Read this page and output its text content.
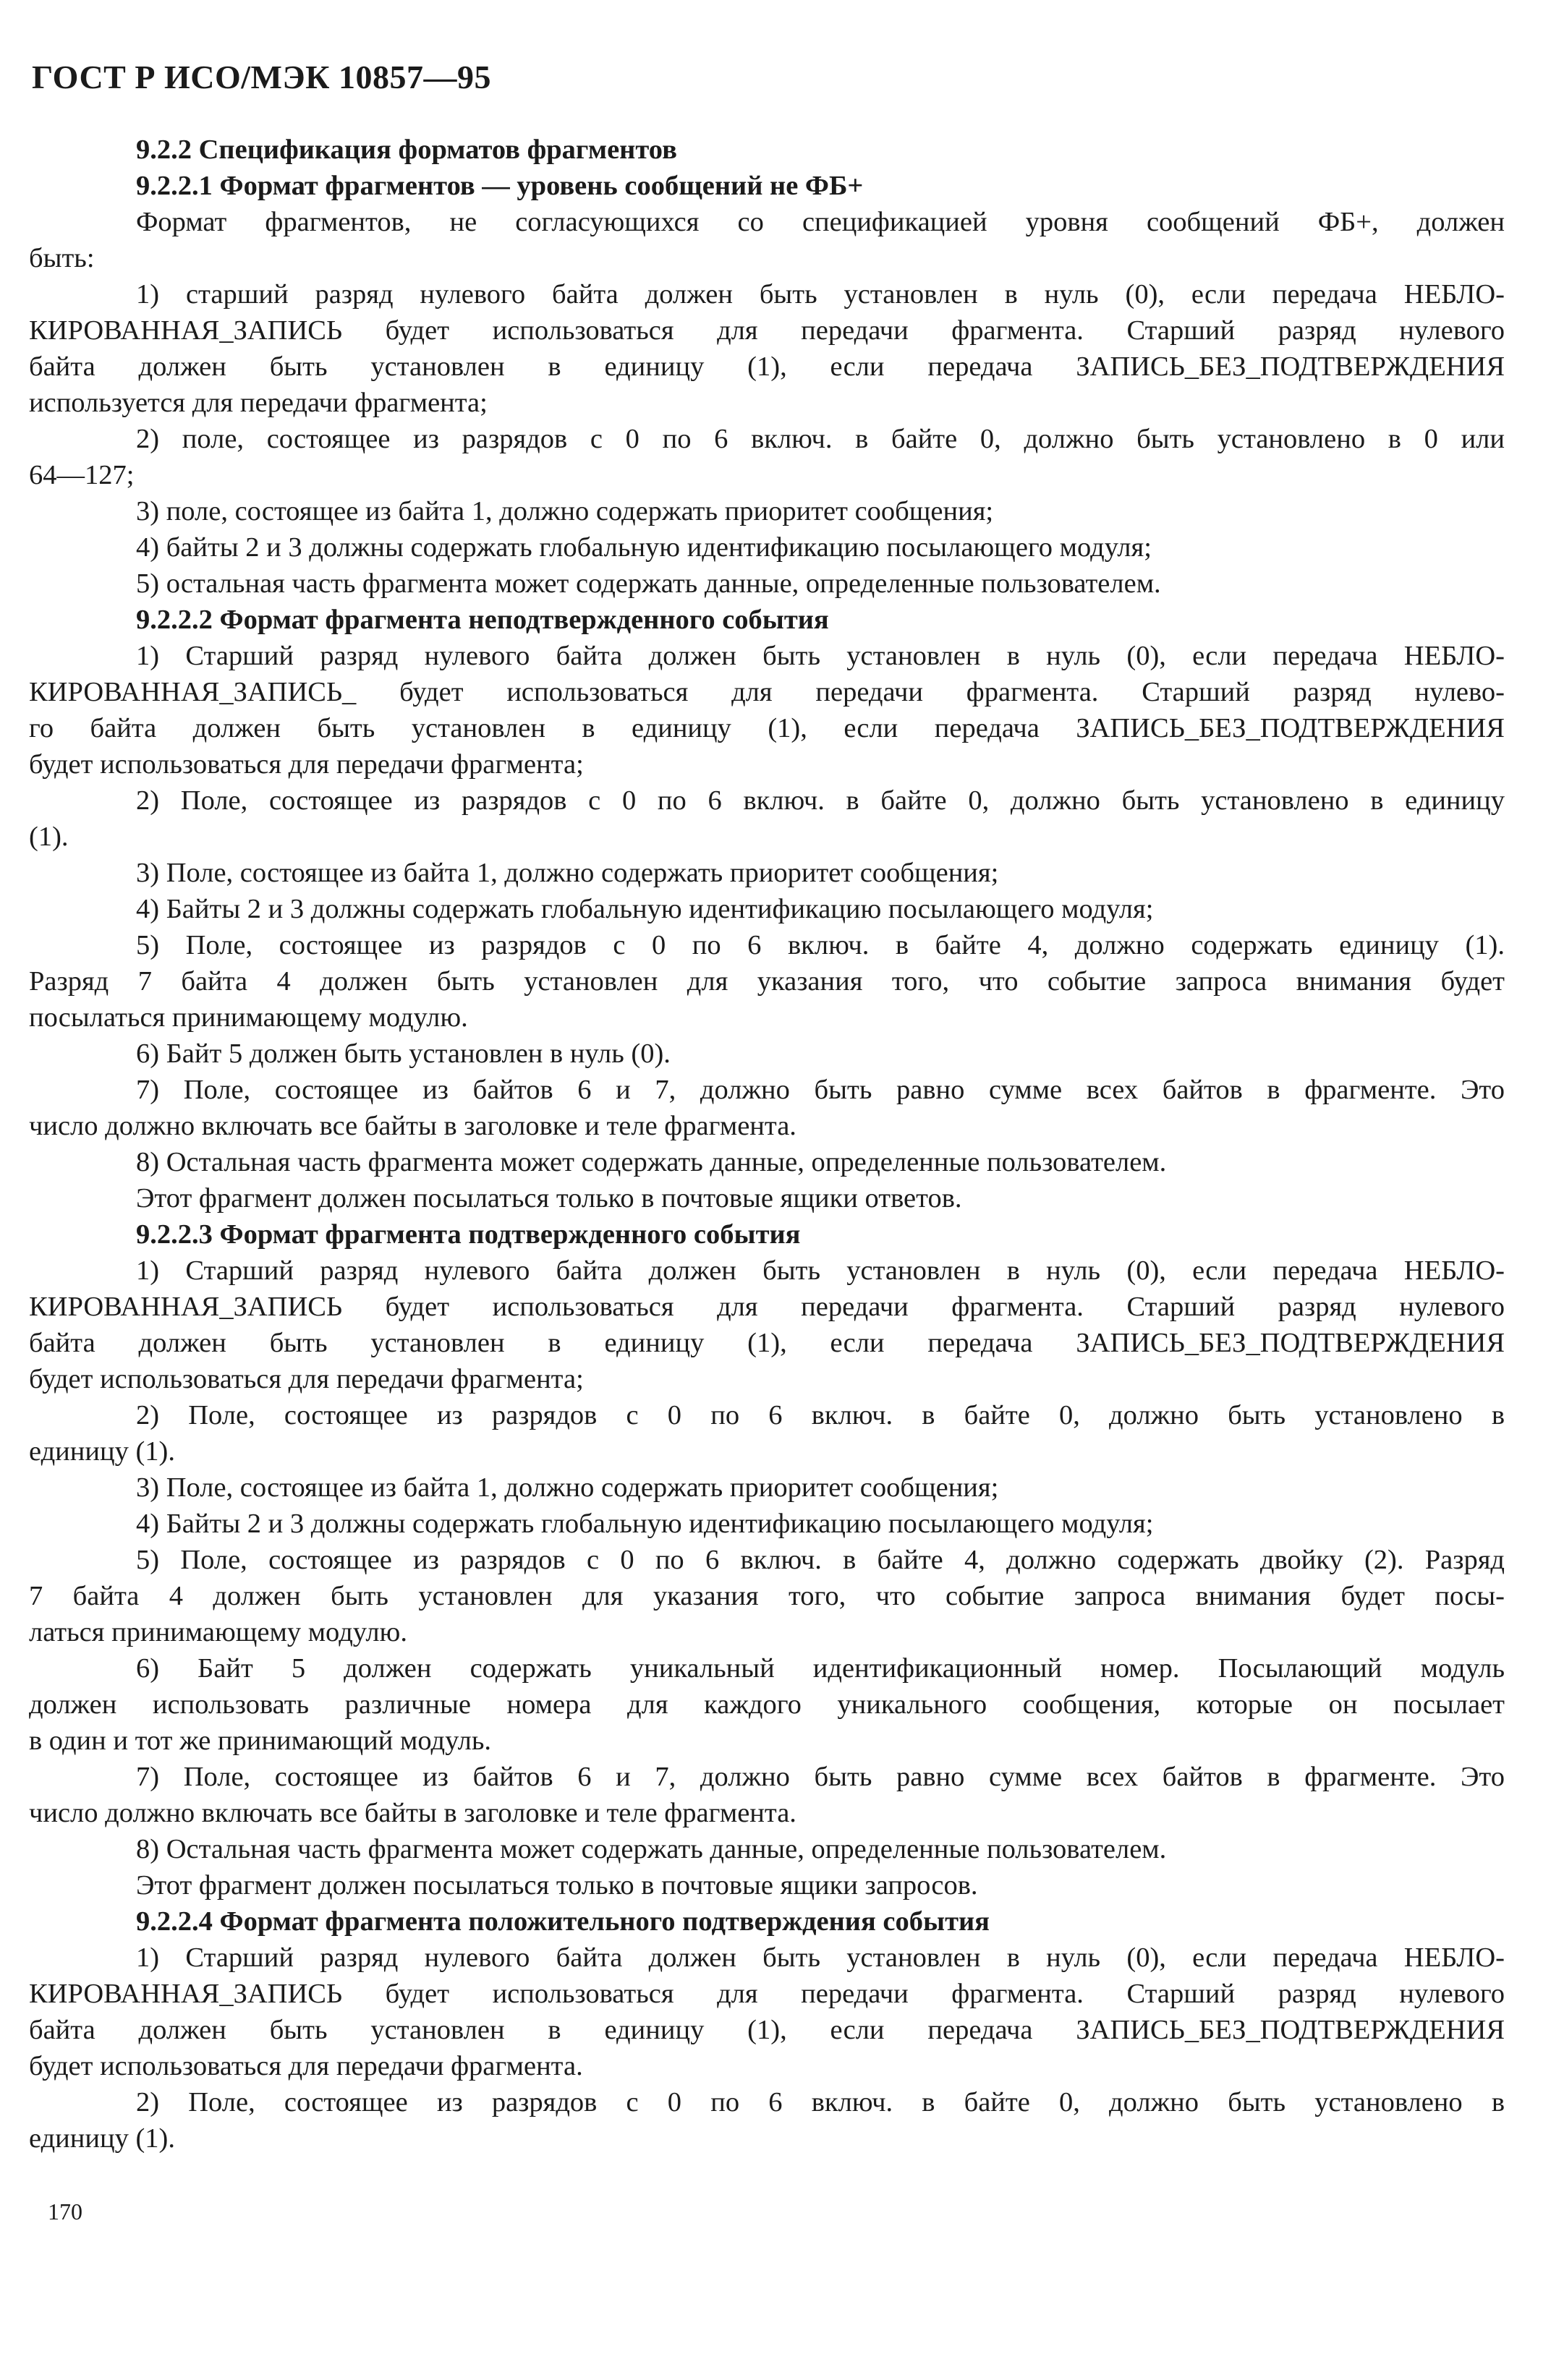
ГОСТ Р ИСО/МЭК 10857—95
9.2.2 Спецификация форматов фрагментов
9.2.2.1 Формат фрагментов — уровень сообщений не ФБ+
Формат фрагментов, не согласующихся со спецификацией уровня сообщений ФБ+, должен
быть:
1) старший разряд нулевого байта должен быть установлен в нуль (0), если передача НЕБЛО-
КИРОВАННАЯ_ЗАПИСЬ будет использоваться для передачи фрагмента. Старший разряд нулевого
байта должен быть установлен в единицу (1), если передача ЗАПИСЬ_БЕЗ_ПОДТВЕРЖДЕНИЯ
используется для передачи фрагмента;
2) поле, состоящее из разрядов с 0 по 6 включ. в байте 0, должно быть установлено в 0 или
64—127;
3) поле, состоящее из байта 1, должно содержать приоритет сообщения;
4) байты 2 и 3 должны содержать глобальную идентификацию посылающего модуля;
5) остальная часть фрагмента может содержать данные, определенные пользователем.
9.2.2.2 Формат фрагмента неподтвержденного события
1) Старший разряд нулевого байта должен быть установлен в нуль (0), если передача НЕБЛО-
КИРОВАННАЯ_ЗАПИСЬ_ будет использоваться для передачи фрагмента. Старший разряд нулево-
го байта должен быть установлен в единицу (1), если передача ЗАПИСЬ_БЕЗ_ПОДТВЕРЖДЕНИЯ
будет использоваться для передачи фрагмента;
2) Поле, состоящее из разрядов с 0 по 6 включ. в байте 0, должно быть установлено в единицу
(1).
3) Поле, состоящее из байта 1, должно содержать приоритет сообщения;
4) Байты 2 и 3 должны содержать глобальную идентификацию посылающего модуля;
5) Поле, состоящее из разрядов с 0 по 6 включ. в байте 4, должно содержать единицу (1).
Разряд 7 байта 4 должен быть установлен для указания того, что событие запроса внимания будет
посылаться принимающему модулю.
6) Байт 5 должен быть установлен в нуль (0).
7) Поле, состоящее из байтов 6 и 7, должно быть равно сумме всех байтов в фрагменте. Это
число должно включать все байты в заголовке и теле фрагмента.
8) Остальная часть фрагмента может содержать данные, определенные пользователем.
Этот фрагмент должен посылаться только в почтовые ящики ответов.
9.2.2.3 Формат фрагмента подтвержденного события
1) Старший разряд нулевого байта должен быть установлен в нуль (0), если передача НЕБЛО-
КИРОВАННАЯ_ЗАПИСЬ будет использоваться для передачи фрагмента. Старший разряд нулевого
байта должен быть установлен в единицу (1), если передача ЗАПИСЬ_БЕЗ_ПОДТВЕРЖДЕНИЯ
будет использоваться для передачи фрагмента;
2) Поле, состоящее из разрядов с 0 по 6 включ. в байте 0, должно быть установлено в
единицу (1).
3) Поле, состоящее из байта 1, должно содержать приоритет сообщения;
4) Байты 2 и 3 должны содержать глобальную идентификацию посылающего модуля;
5) Поле, состоящее из разрядов с 0 по 6 включ. в байте 4, должно содержать двойку (2). Разряд
7 байта 4 должен быть установлен для указания того, что событие запроса внимания будет посы-
латься принимающему модулю.
6) Байт 5 должен содержать уникальный идентификационный номер. Посылающий модуль
должен использовать различные номера для каждого уникального сообщения, которые он посылает
в один и тот же принимающий модуль.
7) Поле, состоящее из байтов 6 и 7, должно быть равно сумме всех байтов в фрагменте. Это
число должно включать все байты в заголовке и теле фрагмента.
8) Остальная часть фрагмента может содержать данные, определенные пользователем.
Этот фрагмент должен посылаться только в почтовые ящики запросов.
9.2.2.4 Формат фрагмента положительного подтверждения события
1) Старший разряд нулевого байта должен быть установлен в нуль (0), если передача НЕБЛО-
КИРОВАННАЯ_ЗАПИСЬ будет использоваться для передачи фрагмента. Старший разряд нулевого
байта должен быть установлен в единицу (1), если передача ЗАПИСЬ_БЕЗ_ПОДТВЕРЖДЕНИЯ
будет использоваться для передачи фрагмента.
2) Поле, состоящее из разрядов с 0 по 6 включ. в байте 0, должно быть установлено в
единицу (1).
170
